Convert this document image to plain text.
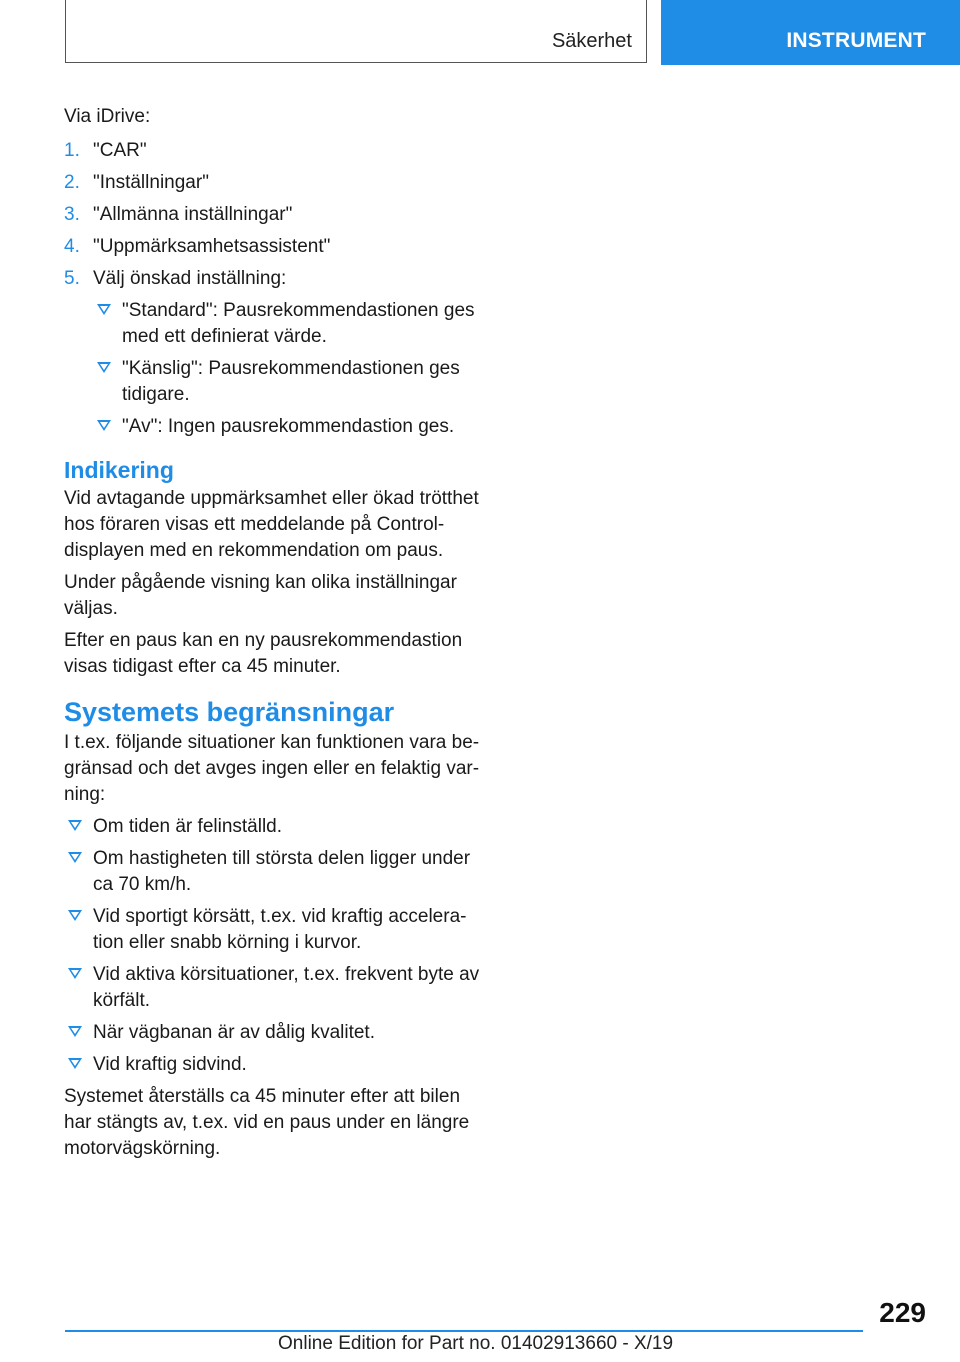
Säkerhet	INSTRUMENT

Via iDrive:

1. "CAR"
2. "Inställningar"
3. "Allmänna inställningar"
4. "Uppmärksamhetsassistent"
5. Välj önskad inställning:
"Standard": Pausrekommendastionen ges med ett definierat värde.
"Känslig": Pausrekommendastionen ges tidigare.
"Av": Ingen pausrekommendastion ges.
Indikering

Vid avtagande uppmärksamhet eller ökad trötthet hos föraren visas ett meddelande på Control-displayen med en rekommendation om paus.

Under pågående visning kan olika inställningar väljas.

Efter en paus kan en ny pausrekommendastion visas tidigast efter ca 45 minuter.

Systemets begränsningar

I t.ex. följande situationer kan funktionen vara begränsad och det avges ingen eller en felaktig varning:

Om tiden är felinställd.
Om hastigheten till största delen ligger under ca 70 km/h.
Vid sportigt körsätt, t.ex. vid kraftig acceleration eller snabb körning i kurvor.
Vid aktiva körsituationer, t.ex. frekvent byte av körfält.
När vägbanan är av dålig kvalitet.
Vid kraftig sidvind.

Systemet återställs ca 45 minuter efter att bilen har stängts av, t.ex. vid en paus under en längre motorvägskörning.

229
Online Edition for Part no. 01402913660 - X/19
